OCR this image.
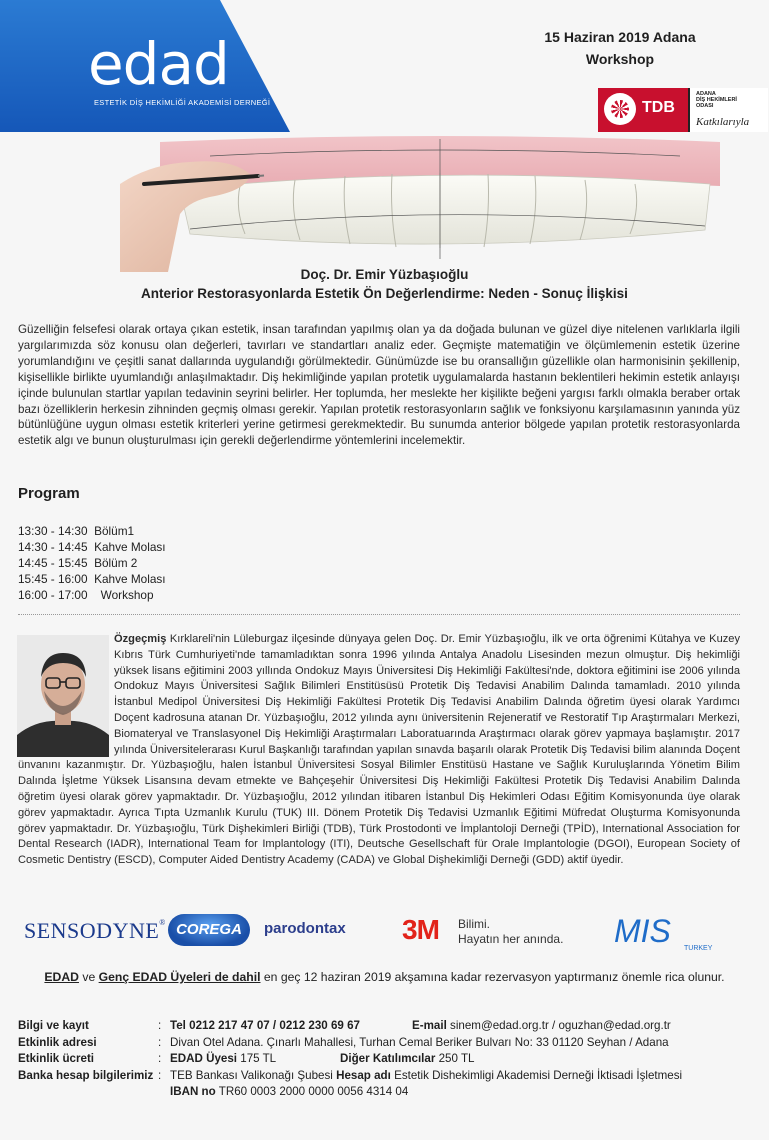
edad
ESTETİK DİŞ HEKİMLİĞİ AKADEMİSİ DERNEĞİ
15 Haziran 2019 Adana
Workshop
TDB
ADANA
DİŞ HEKİMLERİ
ODASI
Katkılarıyla
Doç. Dr. Emir Yüzbaşıoğlu
Anterior Restorasyonlarda Estetik Ön Değerlendirme: Neden - Sonuç İlişkisi
Güzelliğin felsefesi olarak ortaya çıkan estetik, insan tarafından yapılmış olan ya da doğada bulunan ve güzel diye nitelenen varlıklarla ilgili yargılarımızda söz konusu olan değerleri, tavırları ve standartları analiz eder. Geçmişte matematiğin ve ölçümlemenin estetik üzerine yorumlandığını ve çeşitli sanat dallarında uygulandığı görülmektedir. Günümüzde ise bu oransallığın güzellikle olan harmonisinin şekillenip, kişisellikle birlikte uyumlandığı anlaşılmaktadır. Diş hekimliğinde yapılan protetik uygulamalarda hastanın beklentileri hekimin estetik anlayışı içinde bulunulan startlar yapılan tedavinin seyrini belirler. Her toplumda, her meslekte her kişilikte beğeni yargısı farklı olmakla beraber ortak bazı özelliklerin herkesin zihninden geçmiş olması gerekir. Yapılan protetik restorasyonların sağlık ve fonksiyonu karşılamasının yanında yüz bütünlüğüne uygun olması estetik kriterleri yerine getirmesi gerekmektedir. Bu sunumda anterior bölgede yapılan protetik restorasyonlarda estetik algı ve bunun oluşturulması için gerekli değerlendirme yöntemlerini incelemektir.
Program
13:30 - 14:30 Bölüm1
14:30 - 14:45 Kahve Molası
14:45 - 15:45 Bölüm 2
15:45 - 16:00 Kahve Molası
16:00 - 17:00 Workshop
Özgeçmiş Kırklareli'nin Lüleburgaz ilçesinde dünyaya gelen Doç. Dr. Emir Yüzbaşıoğlu, ilk ve orta öğrenimi Kütahya ve Kuzey Kıbrıs Türk Cumhuriyeti'nde tamamladıktan sonra 1996 yılında Antalya Anadolu Lisesinden mezun olmuştur. Diş hekimliği yüksek lisans eğitimini 2003 yıllında Ondokuz Mayıs Üniversitesi Diş Hekimliği Fakültesi'nde, doktora eğitimini ise 2006 yılında Ondokuz Mayıs Üniversitesi Sağlık Bilimleri Enstitüsüsü Protetik Diş Tedavisi Anabilim Dalında tamamladı. 2010 yılında İstanbul Medipol Üniversitesi Diş Hekimliği Fakültesi Protetik Diş Tedavisi Anabilim Dalında öğretim üyesi olarak Yardımcı Doçent kadrosuna atanan Dr. Yüzbaşıoğlu, 2012 yılında aynı üniversitenin Rejeneratif ve Restoratif Tıp Araştırmaları Merkezi, Biomateryal ve Translasyonel Diş Hekimliği Araştırmaları Laboratuarında Araştırmacı olarak görev yapmaya başlamıştır. 2017 yılında Üniversitelerarası Kurul Başkanlığı tarafından yapılan sınavda başarılı olarak Protetik Diş Tedavisi bilim alanında Doçent ünvanını kazanmıştır. Dr. Yüzbaşıoğlu, halen İstanbul Üniversitesi Sosyal Bilimler Enstitüsü Hastane ve Sağlık Kuruluşlarında Yönetim Bilim Dalında İşletme Yüksek Lisansına devam etmekte ve Bahçeşehir Üniversitesi Diş Hekimliği Fakültesi Protetik Diş Tedavisi Anabilim Dalında öğretim üyesi olarak görev yapmaktadır. Dr. Yüzbaşıoğlu, 2012 yılından itibaren İstanbul Diş Hekimleri Odası Eğitim Komisyonunda üye olarak görev yapmaktadır. Ayrıca Tıpta Uzmanlık Kurulu (TUK) III. Dönem Protetik Diş Tedavisi Uzmanlık Eğitimi Müfredat Oluşturma Komisyonunda görev yapmaktadır. Dr. Yüzbaşıoğlu, Türk Dişhekimleri Birliği (TDB), Türk Prostodonti ve İmplantoloji Derneği (TPİD), International Association for Dental Research (IADR), International Team for Implantology (ITI), Deutsche Gesellschaft für Orale Implantologie (DGOI), European Society of Cosmetic Dentistry (ESCD), Computer Aided Dentistry Academy (CADA) ve Global Dişhekimliği Derneği (GDD) aktif üyedir.
SENSODYNE® COREGA	parodontax 3M Bilimi.
Hayatın her anında. MIS TURKEY
EDAD ve Genç EDAD Üyeleri de dahil en geç 12 haziran 2019 akşamına kadar rezervasyon yaptırmanız önemle rica olunur.
Bilgi ve kayıt	: Tel 0212 217 47 07 / 0212 230 69 67	E-mail sinem@edad.org.tr / oguzhan@edad.org.tr
Etkinlik adresi	: Divan Otel Adana. Çınarlı Mahallesi, Turhan Cemal Beriker Bulvarı No: 33 01120 Seyhan / Adana
Etkinlik ücreti	: EDAD Üyesi 175 TL	Diğer Katılımcılar 250 TL
Banka hesap bilgilerimiz : TEB Bankası Valikonağı Şubesi Hesap adı Estetik Dishekimligi Akademisi Derneği İktisadi İşletmesi
IBAN no TR60 0003 2000 0000 0056 4314 04
